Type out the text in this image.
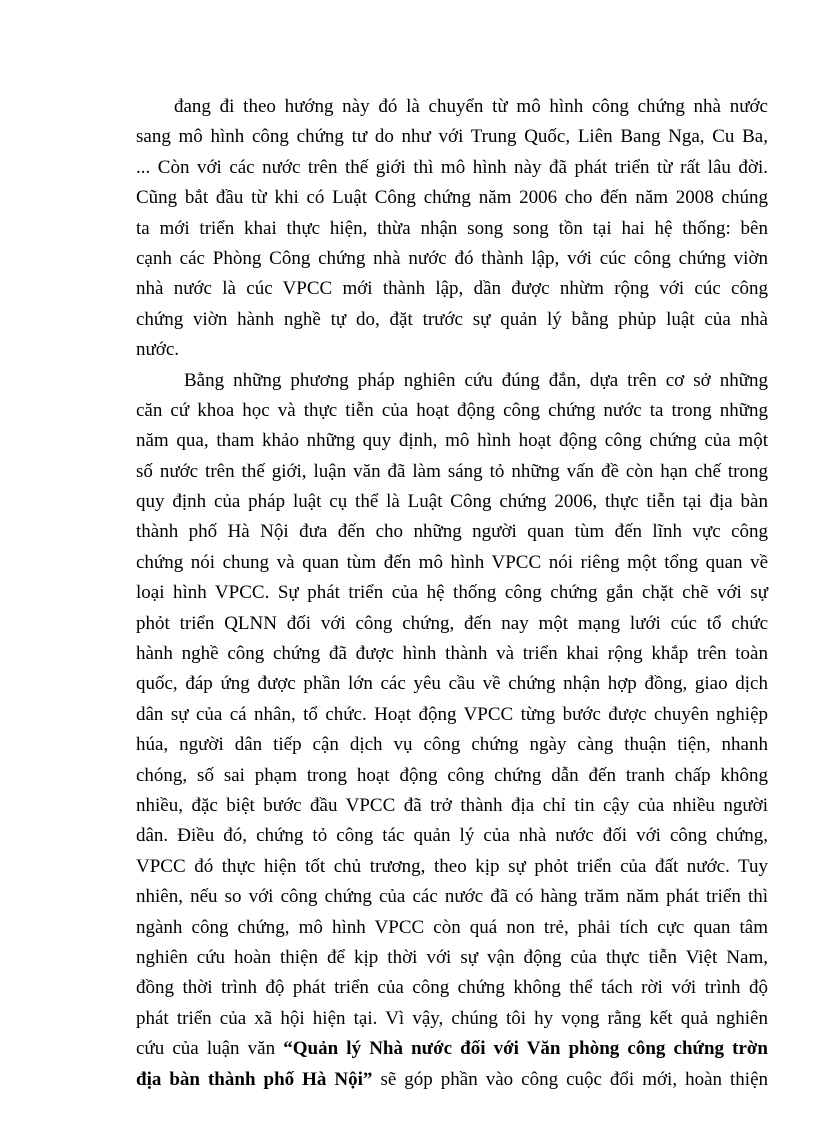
đang đi theo hướng này đó là chuyển từ mô hình công chứng nhà nước
sang mô hình công chứng tư do như với Trung Quốc, Liên Bang Nga, Cu Ba,
... Còn với các nước trên thế giới thì mô hình này đã phát triển từ rất lâu đời.
Cũng bắt đầu từ khi có Luật Công chứng năm 2006 cho đến năm 2008 chúng
ta mới triển khai thực hiện, thừa nhận song song tồn tại hai hệ thống: bên
cạnh các Phòng Công chứng nhà nước đó thành lập, với cúc công chứng viờn
nhà nước là cúc VPCC mới thành lập, dần được nhừm rộng với cúc công
chứng viờn hành nghề tự do, đặt trước sự quản lý bằng phủp luật của nhà
nước.
Bằng những phương pháp nghiên cứu đúng đắn, dựa trên cơ sở những
căn cứ khoa học và thực tiễn của hoạt động công chứng nước ta trong những
năm qua, tham khảo những quy định, mô hình hoạt động công chứng của một
số nước trên thế giới, luận văn đã làm sáng tỏ những vấn đề còn hạn chế trong
quy định của pháp luật cụ thể là Luật Công chứng 2006, thực tiễn tại địa bàn
thành phố Hà Nội đưa đến cho những người quan tùm đến lĩnh vực công
chứng nói chung và quan tùm đến mô hình VPCC nói riêng một tổng quan về
loại hình VPCC. Sự phát triển của hệ thống công chứng gắn chặt chẽ với sự
phỏt triển QLNN đối với công chứng, đến nay một mạng lưới cúc tổ chức
hành nghề công chứng đã được hình thành và triển khai rộng khắp trên toàn
quốc, đáp ứng được phần lớn các yêu cầu về chứng nhận hợp đồng, giao dịch
dân sự của cá nhân, tổ chức. Hoạt động VPCC từng bước được chuyên nghiệp
húa, người dân tiếp cận dịch vụ công chứng ngày càng thuận tiện, nhanh
chóng, số sai phạm trong hoạt động công chứng dẫn đến tranh chấp không
nhiều, đặc biệt bước đầu VPCC đã trở thành địa chỉ tin cậy của nhiều người
dân. Điều đó, chứng tỏ công tác quản lý của nhà nước đối với công chứng,
VPCC đó thực hiện tốt chủ trương, theo kịp sự phỏt triển của đất nước. Tuy
nhiên, nếu so với công chứng của các nước đã có hàng trăm năm phát triển thì
ngành công chứng, mô hình VPCC còn quá non trẻ, phải tích cực quan tâm
nghiên cứu hoàn thiện để kịp thời với sự vận động của thực tiễn Việt Nam,
đồng thời trình độ phát triển của công chứng không thể tách rời với trình độ
phát triển của xã hội hiện tại. Vì vậy, chúng tôi hy vọng rằng kết quả nghiên
cứu của luận văn “Quản lý Nhà nước đối với Văn phòng công chứng trờn
địa bàn thành phố Hà Nội” sẽ góp phần vào công cuộc đổi mới, hoàn thiện
